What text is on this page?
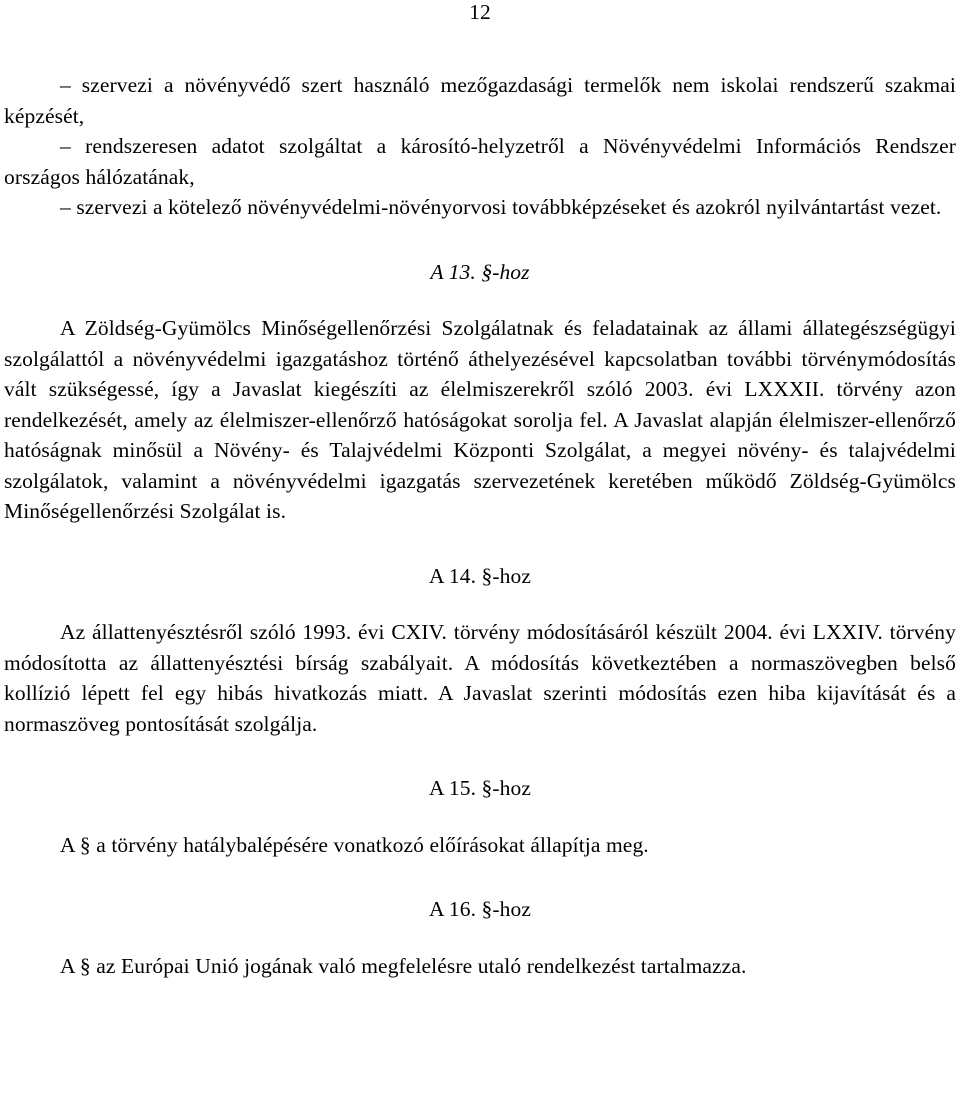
12

– szervezi a növényvédő szert használó mezőgazdasági termelők nem iskolai rendszerű szakmai képzését,

– rendszeresen adatot szolgáltat a károsító-helyzetről a Növényvédelmi Információs Rendszer országos hálózatának,

– szervezi a kötelező növényvédelmi-növényorvosi továbbképzéseket és azokról nyilvántartást vezet.

A 13. §-hoz

A Zöldség-Gyümölcs Minőségellenőrzési Szolgálatnak és feladatainak az állami állategészségügyi szolgálattól a növényvédelmi igazgatáshoz történő áthelyezésével kapcsolatban további törvénymódosítás vált szükségessé, így a Javaslat kiegészíti az élelmiszerekről szóló 2003. évi LXXXII. törvény azon rendelkezését, amely az élelmiszer-ellenőrző hatóságokat sorolja fel. A Javaslat alapján élelmiszer-ellenőrző hatóságnak minősül a Növény- és Talajvédelmi Központi Szolgálat, a megyei növény- és talajvédelmi szolgálatok, valamint a növényvédelmi igazgatás szervezetének keretében működő Zöldség-Gyümölcs Minőségellenőrzési Szolgálat is.

A 14. §-hoz

Az állattenyésztésről szóló 1993. évi CXIV. törvény módosításáról készült 2004. évi LXXIV. törvény módosította az állattenyésztési bírság szabályait. A módosítás következtében a normaszövegben belső kollízió lépett fel egy hibás hivatkozás miatt. A Javaslat szerinti módosítás ezen hiba kijavítását és a normaszöveg pontosítását szolgálja.

A 15. §-hoz

A § a törvény hatálybalépésére vonatkozó előírásokat állapítja meg.

A 16. §-hoz

A § az Európai Unió jogának való megfelelésre utaló rendelkezést tartalmazza.
